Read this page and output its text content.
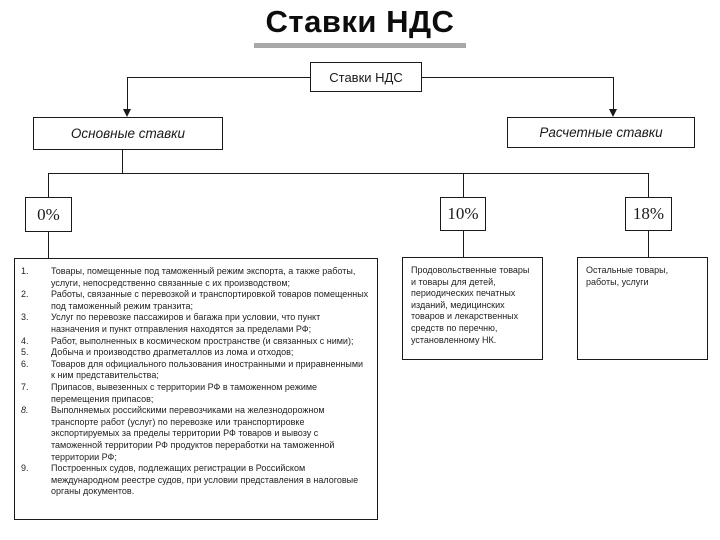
Ставки НДС
Ставки НДС
Основные ставки	Расчетные ставки
0%	10%	18%
1.	Товары, помещенные под таможенный режим экспорта, а также работы, услуги, непосредственно связанные с их производством;
2.	Работы, связанные с перевозкой и транспортировкой товаров помещенных под таможенный режим транзита;
3.	Услуг по перевозке пассажиров и багажа при условии, что пункт назначения и пункт отправления находятся за пределами РФ;
4.	Работ, выполненных в космическом пространстве (и связанных с ними);
5.	Добыча и производство драгметаллов из лома и отходов;
6.	Товаров для официального пользования иностранными и приравненными к ним представительства;
7.	Припасов, вывезенных с территории РФ в таможенном режиме перемещения припасов;
8.	Выполняемых российскими перевозчиками на железнодорожном транспорте работ (услуг) по перевозке или транспортировке экспортируемых за пределы территории РФ товаров и вывозу с таможенной территории РФ продуктов переработки на таможенной территории РФ;
9.	Построенных судов, подлежащих регистрации в Российском международном реестре судов, при условии представления в налоговые органы документов.
Продовольственные товары и товары для детей, периодических печатных изданий, медицинских товаров и лекарственных средств по перечню, установленному НК.
Остальные товары, работы, услуги
